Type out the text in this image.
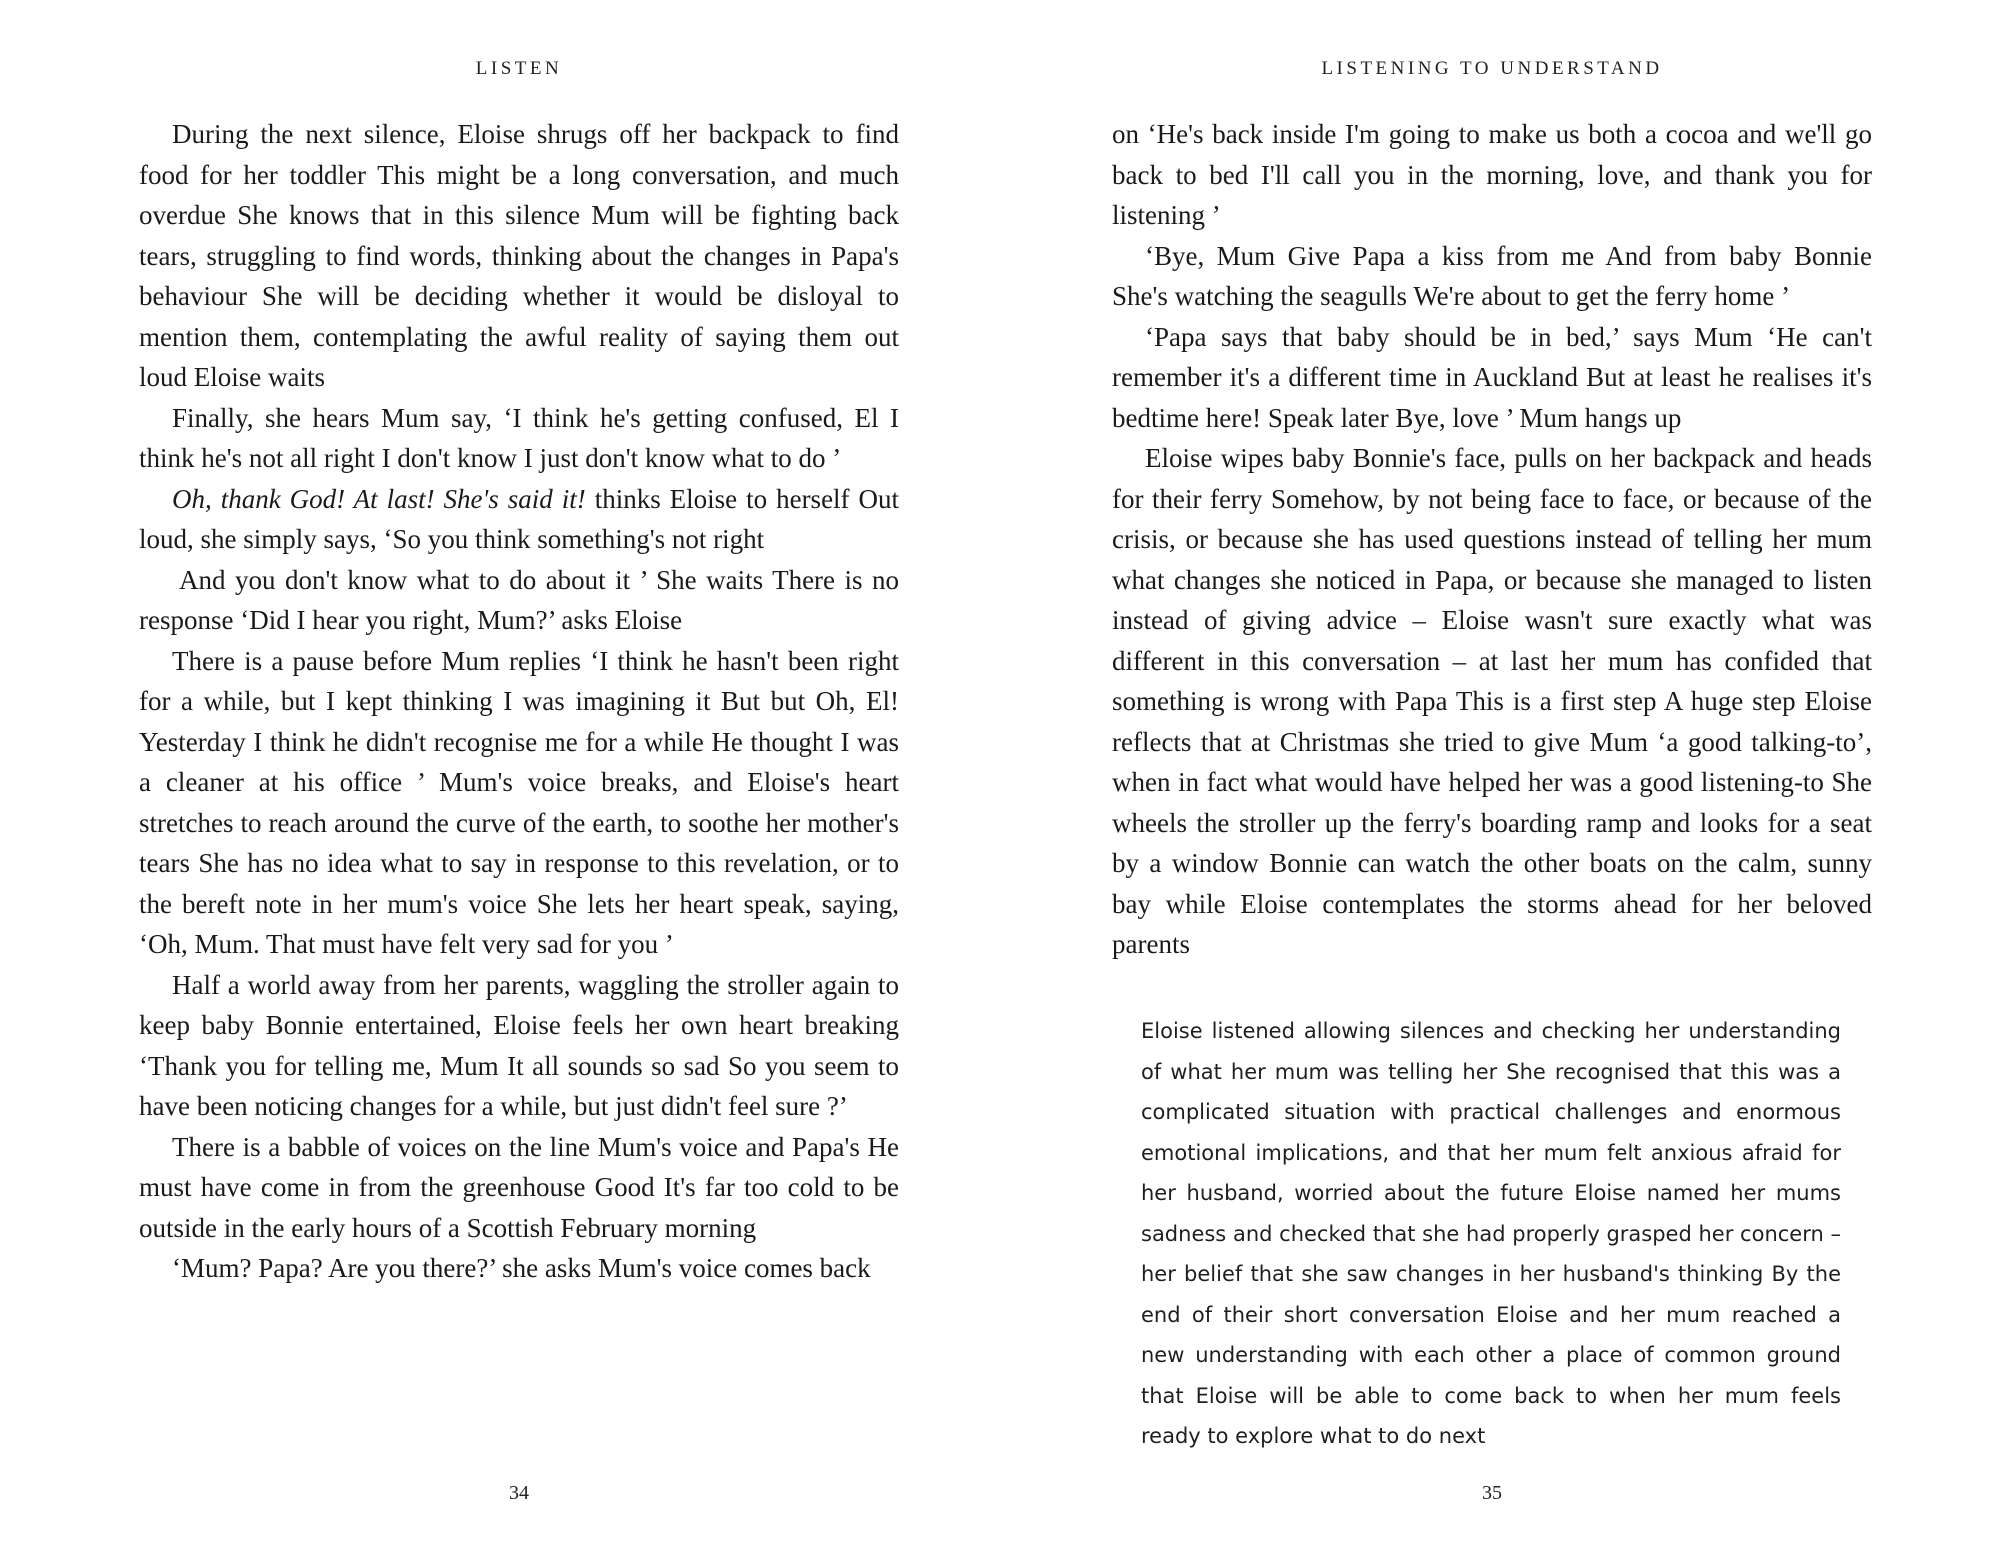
LISTEN

During the next silence, Eloise shrugs off her backpack to find food for her toddler This might be a long conversation, and much overdue She knows that in this silence Mum will be fighting back tears, struggling to find words, thinking about the changes in Papa's behaviour She will be deciding whether it would be disloyal to mention them, contemplating the awful reality of saying them out loud Eloise waits

Finally, she hears Mum say, ‘I think he's getting confused, El I think he's not all right I don't know I just don't know what to do ’

Oh, thank God! At last! She's said it! thinks Eloise to herself Out loud, she simply says, ‘So you think something's not right

And you don't know what to do about it ’ She waits There is no response ‘Did I hear you right, Mum?’ asks Eloise

There is a pause before Mum replies ‘I think he hasn't been right for a while, but I kept thinking I was imagining it But but Oh, El! Yesterday I think he didn't recognise me for a while He thought I was a cleaner at his office ’ Mum's voice breaks, and Eloise's heart stretches to reach around the curve of the earth, to soothe her mother's tears She has no idea what to say in response to this revelation, or to the bereft note in her mum's voice She lets her heart speak, saying, ‘Oh, Mum. That must have felt very sad for you ’

Half a world away from her parents, waggling the stroller again to keep baby Bonnie entertained, Eloise feels her own heart breaking ‘Thank you for telling me, Mum It all sounds so sad So you seem to have been noticing changes for a while, but just didn't feel sure ?’

There is a babble of voices on the line Mum's voice and Papa's He must have come in from the greenhouse Good It's far too cold to be outside in the early hours of a Scottish February morning

‘Mum? Papa? Are you there?’ she asks Mum's voice comes back

34
LISTENING TO UNDERSTAND

on ‘He's back inside I'm going to make us both a cocoa and we'll go back to bed I'll call you in the morning, love, and thank you for listening ’

‘Bye, Mum Give Papa a kiss from me And from baby Bonnie She's watching the seagulls We're about to get the ferry home ’

‘Papa says that baby should be in bed,’ says Mum ‘He can't remember it's a different time in Auckland But at least he realises it's bedtime here! Speak later Bye, love ’ Mum hangs up

Eloise wipes baby Bonnie's face, pulls on her backpack and heads for their ferry Somehow, by not being face to face, or because of the crisis, or because she has used questions instead of telling her mum what changes she noticed in Papa, or because she managed to listen instead of giving advice – Eloise wasn't sure exactly what was different in this conversation – at last her mum has confided that something is wrong with Papa This is a first step A huge step Eloise reflects that at Christmas she tried to give Mum ‘a good talking-to’, when in fact what would have helped her was a good listening-to She wheels the stroller up the ferry's boarding ramp and looks for a seat by a window Bonnie can watch the other boats on the calm, sunny bay while Eloise contemplates the storms ahead for her beloved parents

Eloise listened allowing silences and checking her understanding of what her mum was telling her She recognised that this was a complicated situation with practical challenges and enormous emotional implications, and that her mum felt anxious afraid for her husband, worried about the future Eloise named her mums sadness and checked that she had properly grasped her concern – her belief that she saw changes in her husband's thinking By the end of their short conversation Eloise and her mum reached a new understanding with each other a place of common ground that Eloise will be able to come back to when her mum feels ready to explore what to do next

35
